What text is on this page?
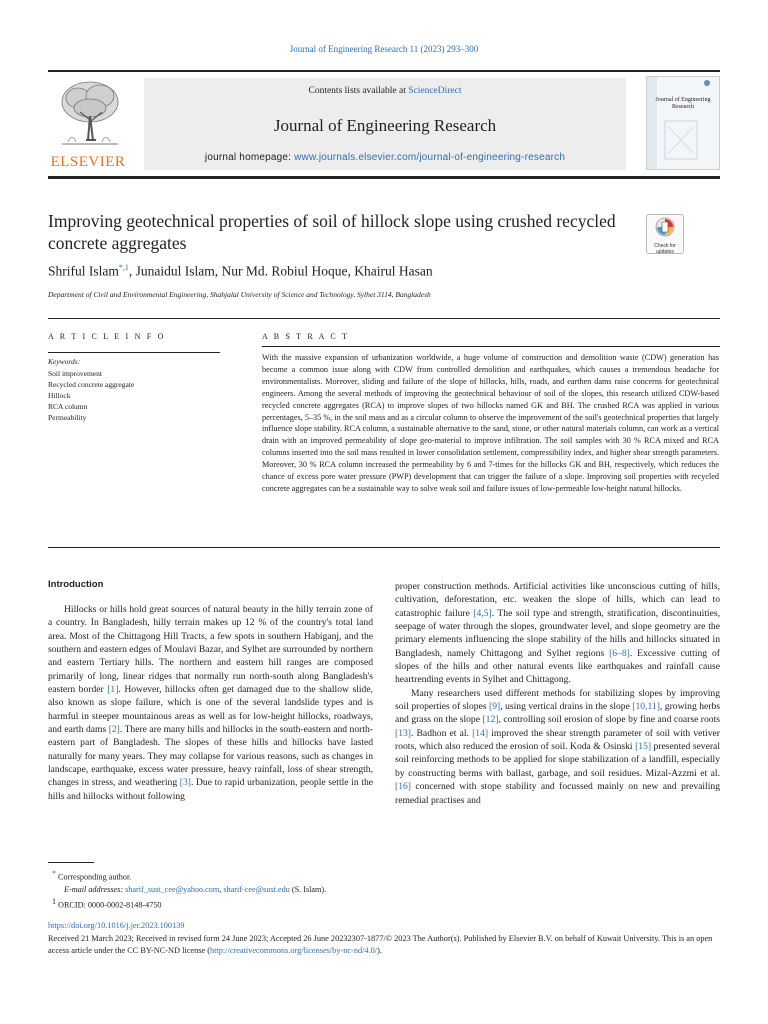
Journal of Engineering Research 11 (2023) 293–300
ELSEVIER
Contents lists available at ScienceDirect
Journal of Engineering Research
journal homepage: www.journals.elsevier.com/journal-of-engineering-research
Journal of Engineering Research
Improving geotechnical properties of soil of hillock slope using crushed recycled concrete aggregates	Check for updates
Shriful Islam$^{*,1}$, Junaidul Islam, Nur Md. Robiul Hoque, Khairul Hasan
Department of Civil and Environmental Engineering, Shahjalal University of Science and Technology, Sylhet 3114, Bangladesh
A R T I C L E I N F O	A B S T R A C T
Keywords:
Soil improvement
Recycled concrete aggregate
Hillock
RCA column
Permeability

With the massive expansion of urbanization worldwide, a huge volume of construction and demolition waste (CDW) generation has become a common issue along with CDW from controlled demolition and earthquakes, which causes a tremendous headache for environmentalists. Moreover, sliding and failure of the slope of hillocks, hills, roads, and earthen dams raise concerns for geotechnical engineers. Among the several methods of improving the geotechnical behaviour of soil of the slopes, this research utilized CDW-based recycled concrete aggregates (RCA) to improve slopes of two hillocks named GK and BH. The crushed RCA was applied in various percentages, 5–35 %, in the soil mass and as a circular column to observe the improvement of the soil's geotechnical properties that largely influence slope stability. RCA column, a sustainable alternative to the sand, stone, or other natural materials column, can work as a vertical drain with an improved permeability of slope geo-material to improve infiltration. The soil samples with 30 % RCA mixed and RCA columns inserted into the soil mass resulted in lower consolidation settlement, compressibility index, and higher shear strength parameters. Moreover, 30 % RCA column increased the permeability by 6 and 7-times for the hillocks GK and BH, respectively, which reduces the chance of excess pore water pressure (PWP) development that can trigger the failure of a slope. Improving soil properties with recycled concrete aggregates can be a sustainable way to solve weak soil and failure issues of low-permeable low-height natural hillocks.

Introduction

Hillocks or hills hold great sources of natural beauty in the hilly terrain zone of a country. In Bangladesh, hilly terrain makes up 12 % of the country's total land area. Most of the Chittagong Hill Tracts, a few spots in southern Habiganj, and the southern and eastern edges of Moulavi Bazar, and Sylhet are surrounded by northern and eastern Tertiary hills. The northern and eastern hill ranges are composed primarily of long, linear ridges that normally run north-south along Bangladesh's eastern border [1]. However, hillocks often get damaged due to the shallow slide, also known as slope failure, which is one of the several landslide types and is harmful in steeper mountainous areas as well as for low-height hillocks, roadways, and earth dams [2]. There are many hills and hillocks in the south-eastern and north-eastern part of Bangladesh. The slopes of these hills and hillocks have lasted naturally for many years. They may collapse for various reasons, such as changes in landscape, earthquake, excess water pressure, heavy rainfall, loss of shear strength, changes in stress, and weathering [3]. Due to rapid urbanization, people settle in the hills and hillocks without following

proper construction methods. Artificial activities like unconscious cutting of hills, cultivation, deforestation, etc. weaken the slope of hills, which can lead to catastrophic failure [4,5]. The soil type and strength, stratification, discontinuities, seepage of water through the slopes, groundwater level, and slope geometry are the primary elements influencing the slope stability of the hills and hillocks situated in Bangladesh, namely Chittagong and Sylhet regions [6–8]. Excessive cutting of slopes of the hills and other natural events like earthquakes and rainfall cause heartrending events in Sylhet and Chittagong.

Many researchers used different methods for stabilizing slopes by improving soil properties of slopes [9], using vertical drains in the slope [10,11], growing herbs and grass on the slope [12], controlling soil erosion of slope by fine and coarse roots [13]. Badhon et al. [14] improved the shear strength parameter of soil with vetiver roots, which also reduced the erosion of soil. Koda & Osinski [15] presented several soil reinforcing methods to be applied for slope stabilization of a landfill, especially by constructing berms with ballast, garbage, and soil residues. Mizal-Azzmi et al. [16] concerned with stope stability and focussed mainly on new and prevailing remedial practises and

* Corresponding author.
E-mail addresses: sharif_sust_cee@yahoo.com, sharif-cee@sust.edu (S. Islam).
1 ORCID: 0000-0002-8148-4750
https://doi.org/10.1016/j.jer.2023.100139
Received 21 March 2023; Received in revised form 24 June 2023; Accepted 26 June 20232307-1877/© 2023 The Author(s). Published by Elsevier B.V. on behalf of Kuwait University. This is an open access article under the CC BY-NC-ND license (http://creativecommons.org/licenses/by-nc-nd/4.0/).
